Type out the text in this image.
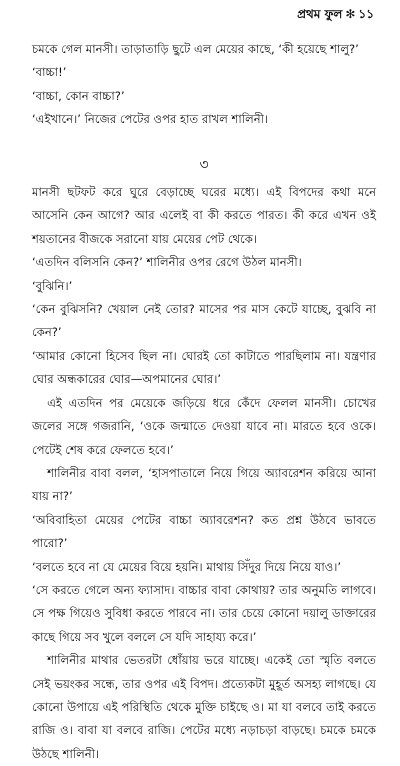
প্রথম ফুল ✻ ১১

চমকে গেল মানসী। তাড়াতাড়ি ছুটে এল মেয়ের কাছে, ‘কী হয়েছে শালু?’

‘বাচ্চা!’

‘বাচ্চা, কোন বাচ্চা?’

‘এইখানে।’ নিজের পেটের ওপর হাত রাখল শালিনী।

৩

মানসী ছটফট করে ঘুরে বেড়াচ্ছে ঘরের মধ্যে। এই বিপদের কথা মনে আসেনি কেন আগে? আর এলেই বা কী করতে পারত। কী করে এখন ওই শয়তানের বীজকে সরানো যায় মেয়ের পেট থেকে।

‘এতদিন বলিসনি কেন?’ শালিনীর ওপর রেগে উঠল মানসী।

‘বুঝিনি।’

‘কেন বুঝিসনি? খেয়াল নেই তোর? মাসের পর মাস কেটে যাচ্ছে, বুঝবি না কেন?’

‘আমার কোনো হিসেব ছিল না। ঘোরই তো কাটাতে পারছিলাম না। যন্ত্রণার ঘোর অন্ধকারের ঘোর—অপমানের ঘোর।’

এই এতদিন পর মেয়েকে জড়িয়ে ধরে কেঁদে ফেলল মানসী। চোখের জলের সঙ্গে গজরানি, ‘ওকে জন্মাতে দেওয়া যাবে না। মারতে হবে ওকে। পেটেই শেষ করে ফেলতে হবে।’

শালিনীর বাবা বলল, ‘হাসপাতালে নিয়ে গিয়ে অ্যাবরেশন করিয়ে আনা যায় না?’

‘অবিবাহিতা মেয়ের পেটের বাচ্চা অ্যাবরেশন? কত প্রশ্ন উঠবে ভাবতে পারো?’

‘বলতে হবে না যে মেয়ের বিয়ে হয়নি। মাথায় সিঁদুর দিয়ে নিয়ে যাও।’

‘সে করতে গেলে অন্য ফ্যাসাদ। বাচ্চার বাবা কোথায়? তার অনুমতি লাগবে। সে পক্ষ গিয়েও সুবিধা করতে পারবে না। তার চেয়ে কোনো দয়ালু ডাক্তারের কাছে গিয়ে সব খুলে বললে সে যদি সাহায্য করে।’

শালিনীর মাথার ভেতরটা ধোঁয়ায় ভরে যাচ্ছে। একেই তো স্মৃতি বলতে সেই ভয়ংকর সন্ধে, তার ওপর এই বিপদ। প্রত্যেকটা মুহূর্ত অসহ্য লাগছে। যে কোনো উপায়ে এই পরিস্থিতি থেকে মুক্তি চাইছে ও। মা যা বলবে তাই করতে রাজি ও। বাবা যা বলবে রাজি। পেটের মধ্যে নড়াচড়া বাড়ছে। চমকে চমকে উঠছে শালিনী।
